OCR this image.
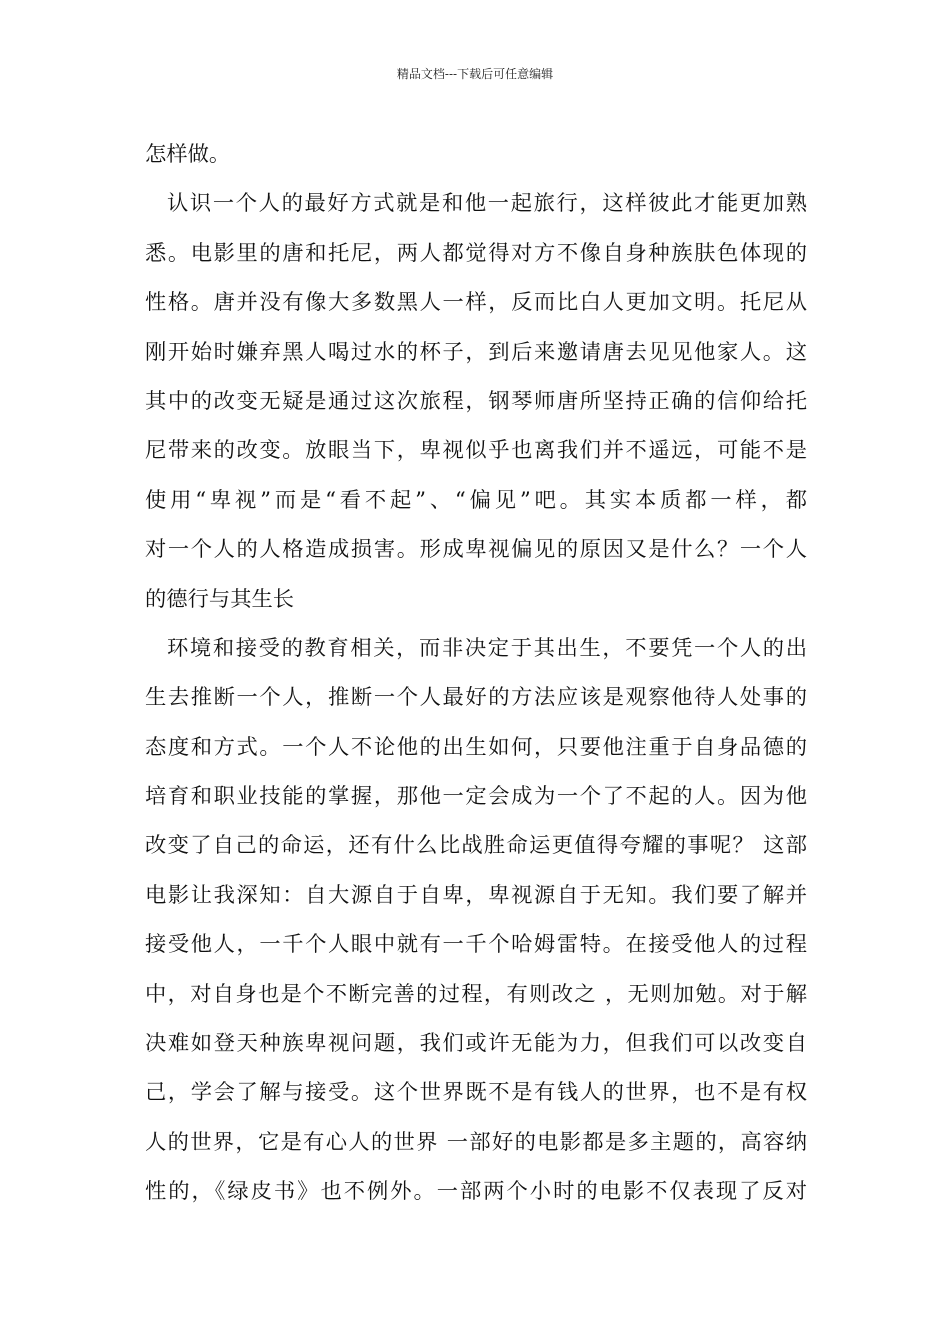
精品文档---下载后可任意编辑
怎样做。
认识一个人的最好方式就是和他一起旅行，这样彼此才能更加熟
悉。电影里的唐和托尼，两人都觉得对方不像自身种族肤色体现的
性格。唐并没有像大多数黑人一样，反而比白人更加文明。托尼从
刚开始时嫌弃黑人喝过水的杯子，到后来邀请唐去见见他家人。这
其中的改变无疑是通过这次旅程，钢琴师唐所坚持正确的信仰给托
尼带来的改变。放眼当下，卑视似乎也离我们并不遥远，可能不是
使用“卑视”而是“看不起”、“偏见”吧。其实本质都一样，都
对一个人的人格造成损害。形成卑视偏见的原因又是什么？一个人
的德行与其生长
环境和接受的教育相关，而非决定于其出生，不要凭一个人的出
生去推断一个人，推断一个人最好的方法应该是观察他待人处事的
态度和方式。一个人不论他的出生如何，只要他注重于自身品德的
培育和职业技能的掌握，那他一定会成为一个了不起的人。因为他
改变了自己的命运，还有什么比战胜命运更值得夸耀的事呢？ 这部
电影让我深知：自大源自于自卑，卑视源自于无知。我们要了解并
接受他人，一千个人眼中就有一千个哈姆雷特。在接受他人的过程
中，对自身也是个不断完善的过程，有则改之 ，无则加勉。对于解
决难如登天种族卑视问题，我们或许无能为力，但我们可以改变自
己，学会了解与接受。这个世界既不是有钱人的世界，也不是有权
人的世界，它是有心人的世界 一部好的电影都是多主题的，高容纳
性的，《绿皮书》也不例外。一部两个小时的电影不仅表现了反对
